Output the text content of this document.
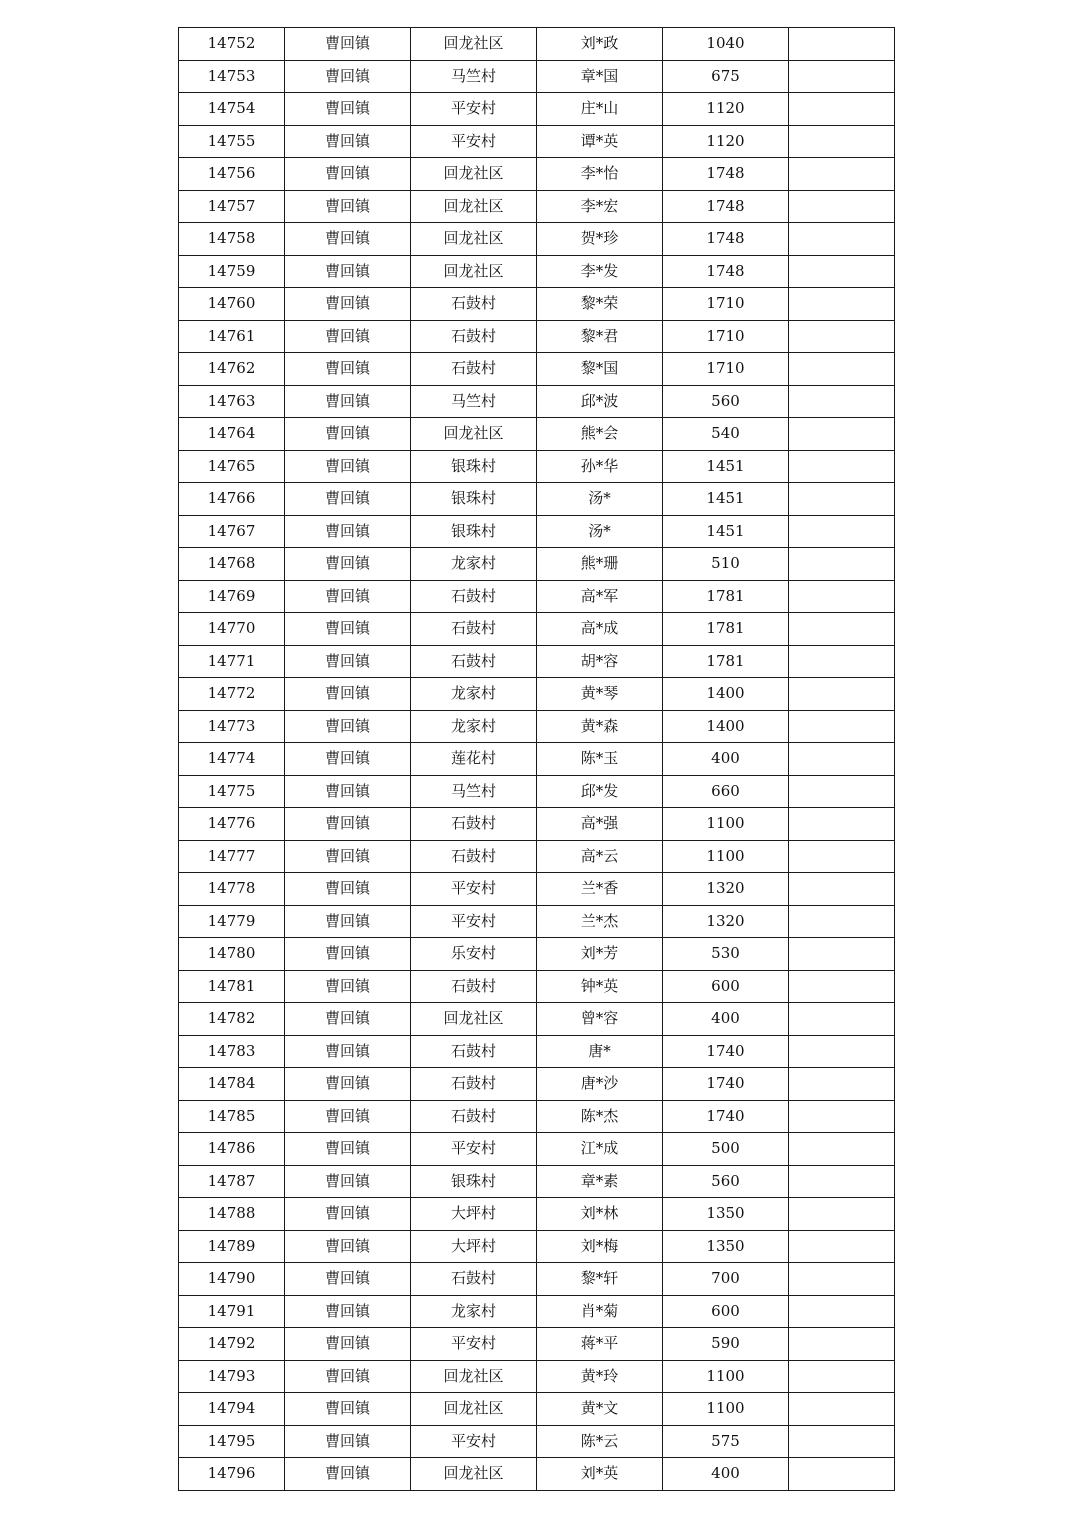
14752	曹回镇	回龙社区	刘*政	1040	
14753	曹回镇	马竺村	章*国	675	
14754	曹回镇	平安村	庄*山	1120	
14755	曹回镇	平安村	谭*英	1120	
14756	曹回镇	回龙社区	李*怡	1748	
14757	曹回镇	回龙社区	李*宏	1748	
14758	曹回镇	回龙社区	贺*珍	1748	
14759	曹回镇	回龙社区	李*发	1748	
14760	曹回镇	石鼓村	黎*荣	1710	
14761	曹回镇	石鼓村	黎*君	1710	
14762	曹回镇	石鼓村	黎*国	1710	
14763	曹回镇	马竺村	邱*波	560	
14764	曹回镇	回龙社区	熊*会	540	
14765	曹回镇	银珠村	孙*华	1451	
14766	曹回镇	银珠村	汤*	1451	
14767	曹回镇	银珠村	汤*	1451	
14768	曹回镇	龙家村	熊*珊	510	
14769	曹回镇	石鼓村	高*军	1781	
14770	曹回镇	石鼓村	高*成	1781	
14771	曹回镇	石鼓村	胡*容	1781	
14772	曹回镇	龙家村	黄*琴	1400	
14773	曹回镇	龙家村	黄*森	1400	
14774	曹回镇	莲花村	陈*玉	400	
14775	曹回镇	马竺村	邱*发	660	
14776	曹回镇	石鼓村	高*强	1100	
14777	曹回镇	石鼓村	高*云	1100	
14778	曹回镇	平安村	兰*香	1320	
14779	曹回镇	平安村	兰*杰	1320	
14780	曹回镇	乐安村	刘*芳	530	
14781	曹回镇	石鼓村	钟*英	600	
14782	曹回镇	回龙社区	曾*容	400	
14783	曹回镇	石鼓村	唐*	1740	
14784	曹回镇	石鼓村	唐*沙	1740	
14785	曹回镇	石鼓村	陈*杰	1740	
14786	曹回镇	平安村	江*成	500	
14787	曹回镇	银珠村	章*素	560	
14788	曹回镇	大坪村	刘*林	1350	
14789	曹回镇	大坪村	刘*梅	1350	
14790	曹回镇	石鼓村	黎*轩	700	
14791	曹回镇	龙家村	肖*菊	600	
14792	曹回镇	平安村	蒋*平	590	
14793	曹回镇	回龙社区	黄*玲	1100	
14794	曹回镇	回龙社区	黄*文	1100	
14795	曹回镇	平安村	陈*云	575	
14796	曹回镇	回龙社区	刘*英	400	
